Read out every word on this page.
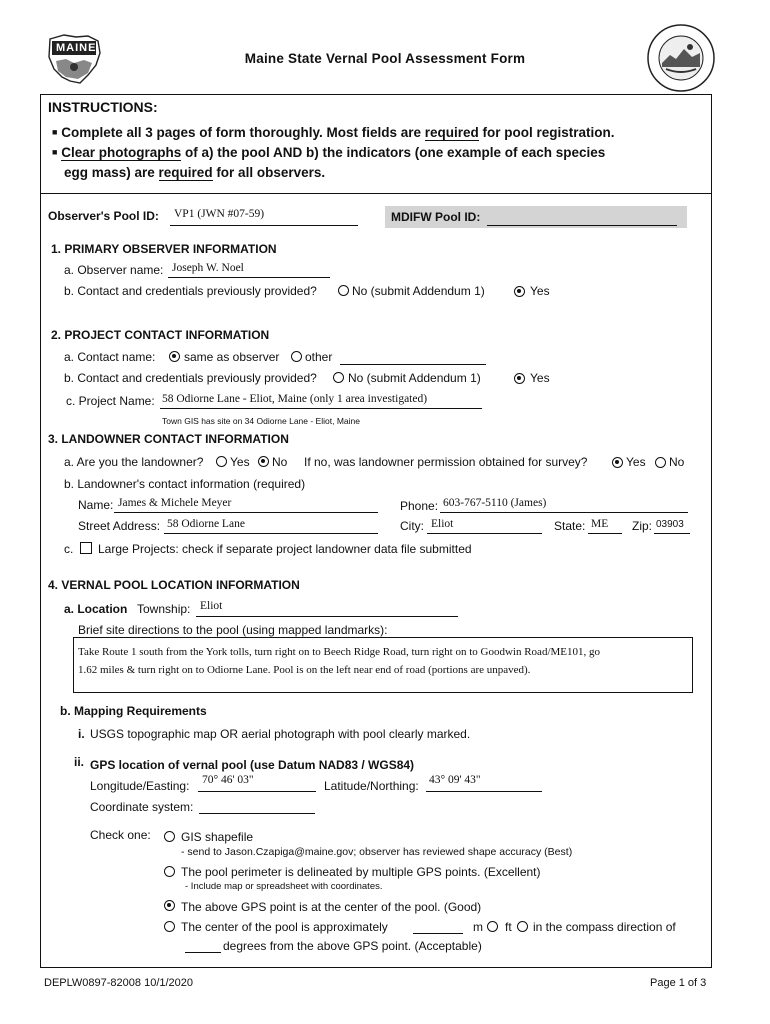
MAINE
Maine State Vernal Pool Assessment Form
INSTRUCTIONS:
■ Complete all 3 pages of form thoroughly. Most fields are required for pool registration.
■ Clear photographs of a) the pool AND b) the indicators (one example of each species
egg mass) are required for all observers.
Observer's Pool ID: VP1 (JWN #07-59)	MDIFW Pool ID:
1. PRIMARY OBSERVER INFORMATION
a. Observer name: Joseph W. Noel
b. Contact and credentials previously provided?	No (submit Addendum 1)	Yes
2. PROJECT CONTACT INFORMATION
a. Contact name: same as observer other
b. Contact and credentials previously provided?	No (submit Addendum 1)	Yes
c. Project Name: 58 Odiorne Lane - Eliot, Maine (only 1 area investigated)
Town GIS has site on 34 Odiorne Lane - Eliot, Maine
3. LANDOWNER CONTACT INFORMATION
a. Are you the landowner? Yes No If no, was landowner permission obtained for survey?	Yes No
b. Landowner's contact information (required)
Name: James & Michele Meyer	Phone: 603-767-5110 (James)
Street Address: 58 Odiorne Lane	City: Eliot	State: ME Zip: 03903
c. Large Projects: check if separate project landowner data file submitted
4. VERNAL POOL LOCATION INFORMATION
a. Location Township: Eliot
Brief site directions to the pool (using mapped landmarks):
Take Route 1 south from the York tolls, turn right on to Beech Ridge Road, turn right on to Goodwin Road/ME101, go
1.62 miles & turn right on to Odiorne Lane. Pool is on the left near end of road (portions are unpaved).
b. Mapping Requirements
i. USGS topographic map OR aerial photograph with pool clearly marked.
ii. GPS location of vernal pool (use Datum NAD83 / WGS84)
Longitude/Easting: 70° 46' 03"	Latitude/Northing: 43° 09' 43"
Coordinate system:
Check one:	GIS shapefile
- send to Jason.Czapiga@maine.gov; observer has reviewed shape accuracy (Best)
The pool perimeter is delineated by multiple GPS points. (Excellent)
- Include map or spreadsheet with coordinates.
The above GPS point is at the center of the pool. (Good)
The center of the pool is approximately	m ft in the compass direction of
degrees from the above GPS point. (Acceptable)
DEPLW0897-82008 10/1/2020	Page 1 of 3
